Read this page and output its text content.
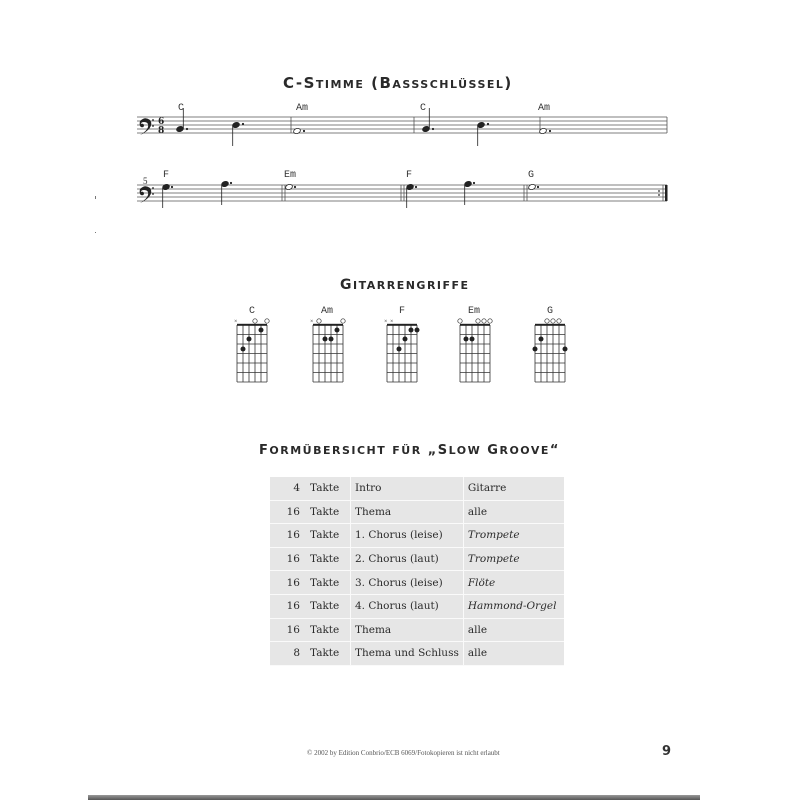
C-STIMME (BASSSCHLÜSSEL)
C	Am	C	Am
5 F	Em	F	G
6
8
×	×	× ×
GITARRENGRIFFE
C	Am	F	Em	G
FORMÜBERSICHT FÜR „SLOW GROOVE“
4	Takte	Intro	Gitarre
16	Takte	Thema	alle
16	Takte	1. Chorus (leise)	Trompete
16	Takte	2. Chorus (laut)	Trompete
16	Takte	3. Chorus (leise)	Flöte
16	Takte	4. Chorus (laut)	Hammond-Orgel
16	Takte	Thema	alle
8	Takte	Thema und Schluss	alle
© 2002 by Edition Conbrio/ECB 6069/Fotokopieren ist nicht erlaubt	9
